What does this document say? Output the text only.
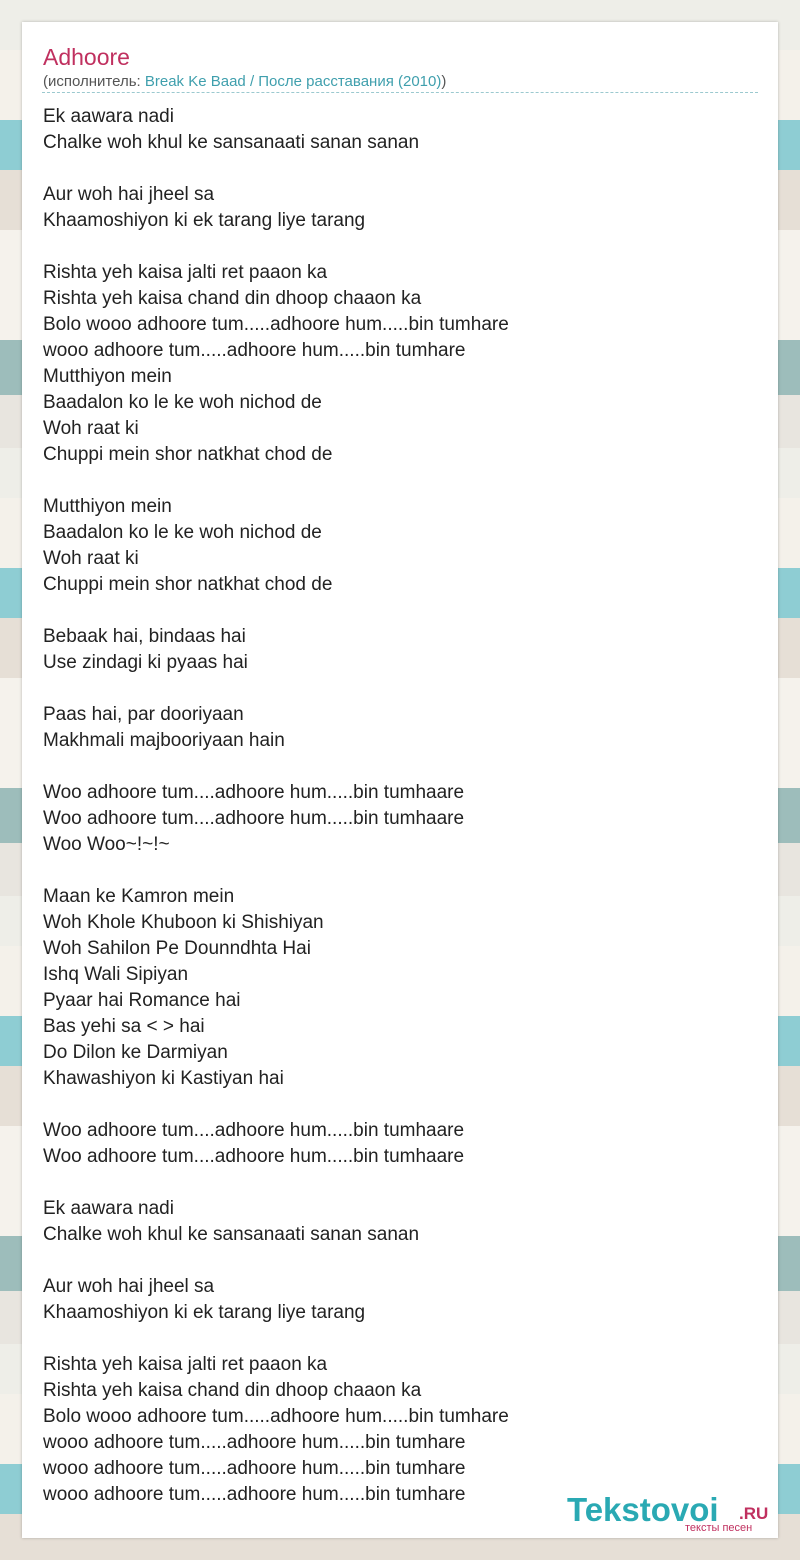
Adhoore
(исполнитель: Break Ke Baad / После расставания (2010))
Ek aawara nadi
Chalke woh khul ke sansanaati sanan sanan

Aur woh hai jheel sa
Khaamoshiyon ki ek tarang liye tarang

Rishta yeh kaisa jalti ret paaon ka
Rishta yeh kaisa chand din dhoop chaaon ka
Bolo wooo adhoore tum.....adhoore hum.....bin tumhare
wooo adhoore tum.....adhoore hum.....bin tumhare
Mutthiyon mein
Baadalon ko le ke woh nichod de
Woh raat ki
Chuppi mein shor natkhat chod de

Mutthiyon mein
Baadalon ko le ke woh nichod de
Woh raat ki
Chuppi mein shor natkhat chod de

Bebaak hai, bindaas hai
Use zindagi ki pyaas hai

Paas hai, par dooriyaan
Makhmali majbooriyaan hain

Woo adhoore tum....adhoore hum.....bin tumhaare
Woo adhoore tum....adhoore hum.....bin tumhaare
Woo Woo~!~!~

Maan ke Kamron mein
Woh Khole Khuboon ki Shishiyan
Woh Sahilon Pe Dounndhta Hai
Ishq Wali Sipiyan
Pyaar hai Romance hai
Bas yehi sa < > hai
Do Dilon ke Darmiyan
Khawashiyon ki Kastiyan hai

Woo adhoore tum....adhoore hum.....bin tumhaare
Woo adhoore tum....adhoore hum.....bin tumhaare

Ek aawara nadi
Chalke woh khul ke sansanaati sanan sanan

Aur woh hai jheel sa
Khaamoshiyon ki ek tarang liye tarang

Rishta yeh kaisa jalti ret paaon ka
Rishta yeh kaisa chand din dhoop chaaon ka
Bolo wooo adhoore tum.....adhoore hum.....bin tumhare
wooo adhoore tum.....adhoore hum.....bin tumhare
wooo adhoore tum.....adhoore hum.....bin tumhare
wooo adhoore tum.....adhoore hum.....bin tumhare	Tekstovoi .RU
тексты песен
